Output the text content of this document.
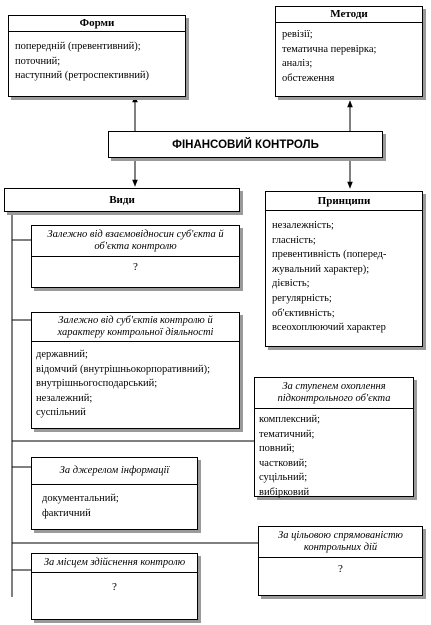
Форми
попередній (превентивний);
поточний;
наступний (ретроспективний)
Методи
ревізії;
тематична перевірка;
аналіз;
обстеження
ФІНАНСОВИЙ КОНТРОЛЬ
Види	Принципи
незалежність;
гласність;
превентивність (поперед-
жувальний характер);
дієвість;
регулярність;
об'єктивність;
всеохоплюючий характер
Залежно від взаємовідносин суб'єкта й об'єкта контролю
?
Залежно від суб'єктів контролю й характеру контрольної діяльності
державний;
відомчий (внутрішньокорпоративний);
внутрішньогосподарський;
незалежний;
суспільний
За ступенем охоплення підконтрольного об'єкта
комплексний;
тематичний;
повний;
частковий;
суцільний;
вибірковий
За джерелом інформації
документальний;
фактичний
За цільовою спрямованістю контрольних дій
?
За місцем здійснення контролю
?
